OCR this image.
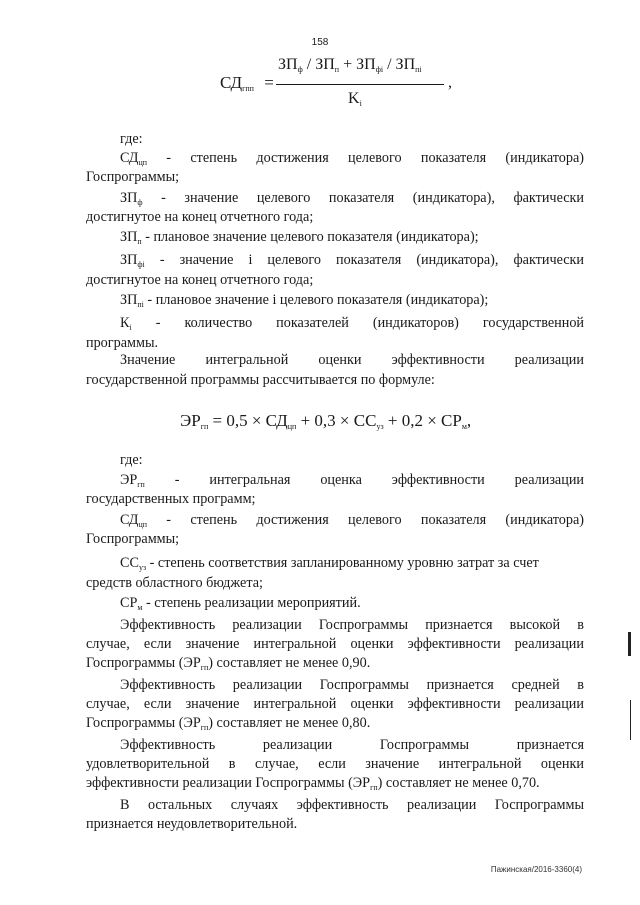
158
$СД_{гпп}$ =
$ЗП_ф / ЗП_п + ЗП_{фi} / ЗП_{пi}$
$K_i$
,
где:
$СД_{цп}$ - степень достижения целевого показателя (индикатора)
Госпрограммы;
$ЗП_ф$ - значение целевого показателя (индикатора), фактически
достигнутое на конец отчетного года;
$ЗП_п$ - плановое значение целевого показателя (индикатора);
$ЗП_{фi}$ - значение i целевого показателя (индикатора), фактически
достигнутое на конец отчетного года;
$ЗП_{пi}$ - плановое значение i целевого показателя (индикатора);
$К_i$ - количество показателей (индикаторов) государственной
программы.
Значение интегральной оценки эффективности реализации
государственной программы рассчитывается по формуле:
$ЭР_{гп} = 0,5 \times СД_{цп} + 0,3 \times СС_{уз} + 0,2 \times СР_м$,
где:
$ЭР_{гп}$ - интегральная оценка эффективности реализации
государственных программ;
$СД_{цп}$ - степень достижения целевого показателя (индикатора)
Госпрограммы;
$СС_{уз}$ - степень соответствия запланированному уровню затрат за счет
средств областного бюджета;
$СР_м$ - степень реализации мероприятий.
Эффективность реализации Госпрограммы признается высокой в
случае, если значение интегральной оценки эффективности реализации
Госпрограммы $(ЭР_{гп})$ составляет не менее 0,90.
Эффективность реализации Госпрограммы признается средней в
случае, если значение интегральной оценки эффективности реализации
Госпрограммы $(ЭР_{гп})$ составляет не менее 0,80.
Эффективность реализации Госпрограммы признается
удовлетворительной в случае, если значение интегральной оценки
эффективности реализации Госпрограммы $(ЭР_{гп})$ составляет не менее 0,70.
В остальных случаях эффективность реализации Госпрограммы
признается неудовлетворительной.
Пажинская/2016-3360(4)
